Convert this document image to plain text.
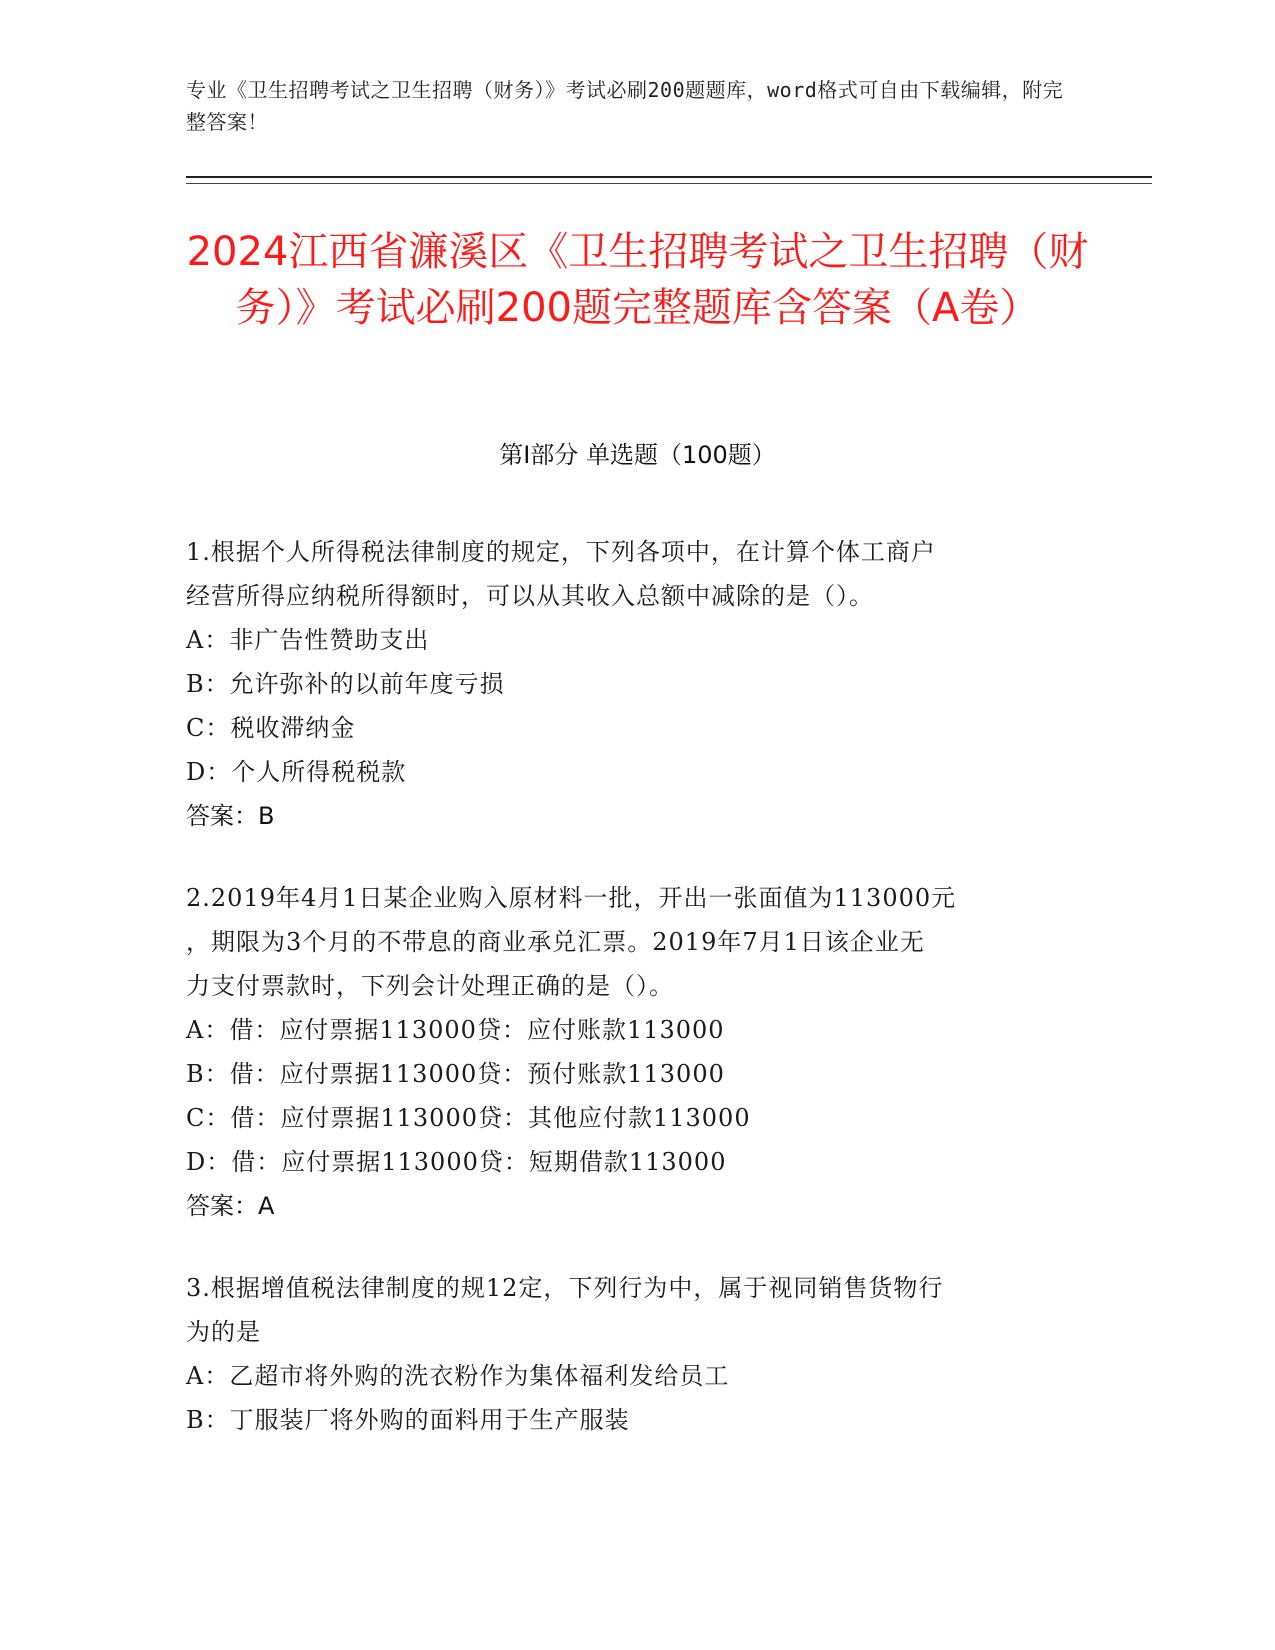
专业《卫生招聘考试之卫生招聘（财务）》考试必刷200题题库，word格式可自由下载编辑，附完整答案！
2024江西省濂溪区《卫生招聘考试之卫生招聘（财务）》考试必刷200题完整题库含答案（A卷）
第Ⅰ部分 单选题（100题）
1.根据个人所得税法律制度的规定，下列各项中，在计算个体工商户
经营所得应纳税所得额时，可以从其收入总额中减除的是（）。
A：非广告性赞助支出
B：允许弥补的以前年度亏损
C：税收滞纳金
D：个人所得税税款
答案：B
2.2019年4月1日某企业购入原材料一批，开出一张面值为113000元
，期限为3个月的不带息的商业承兑汇票。2019年7月1日该企业无
力支付票款时，下列会计处理正确的是（）。
A：借：应付票据113000贷：应付账款113000
B：借：应付票据113000贷：预付账款113000
C：借：应付票据113000贷：其他应付款113000
D：借：应付票据113000贷：短期借款113000
答案：A
3.根据增值税法律制度的规12定，下列行为中，属于视同销售货物行
为的是
A：乙超市将外购的洗衣粉作为集体福利发给员工
B：丁服装厂将外购的面料用于生产服装
